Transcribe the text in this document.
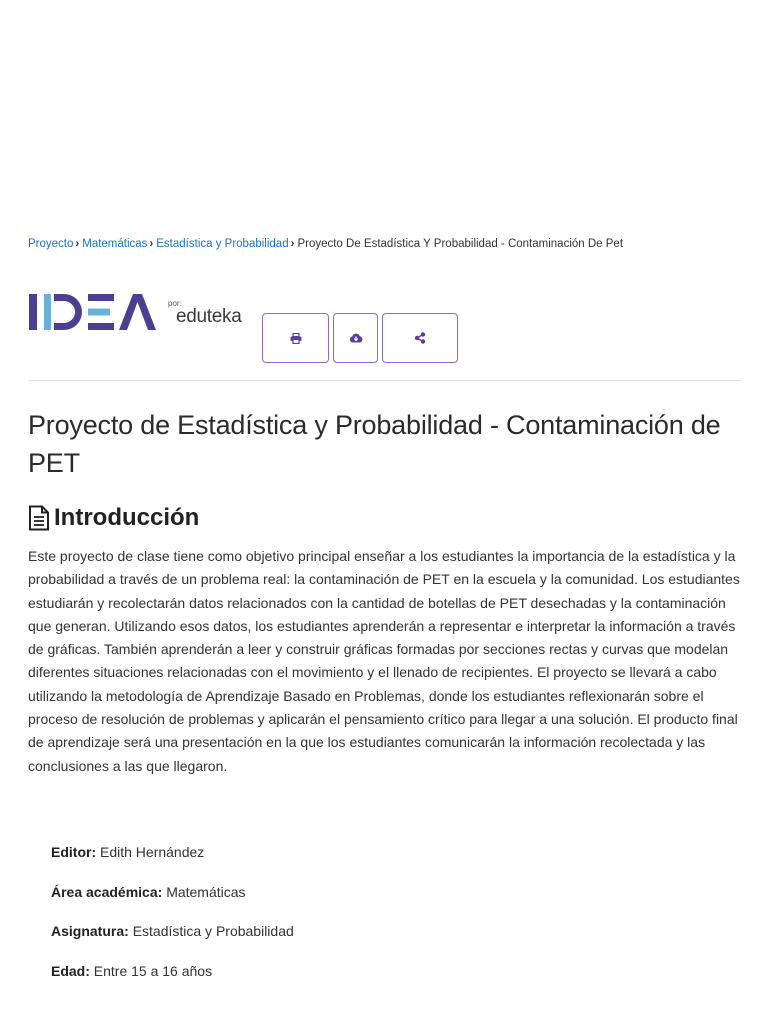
Proyecto › Matemáticas › Estadística y Probabilidad › Proyecto De Estadística Y Probabilidad - Contaminación De Pet
por:
eduteka
Proyecto de Estadística y Probabilidad - Contaminación de PET
Introducción

Este proyecto de clase tiene como objetivo principal enseñar a los estudiantes la importancia de la estadística y la probabilidad a través de un problema real: la contaminación de PET en la escuela y la comunidad. Los estudiantes estudiarán y recolectarán datos relacionados con la cantidad de botellas de PET desechadas y la contaminación que generan. Utilizando esos datos, los estudiantes aprenderán a representar e interpretar la información a través de gráficas. También aprenderán a leer y construir gráficas formadas por secciones rectas y curvas que modelan diferentes situaciones relacionadas con el movimiento y el llenado de recipientes. El proyecto se llevará a cabo utilizando la metodología de Aprendizaje Basado en Problemas, donde los estudiantes reflexionarán sobre el proceso de resolución de problemas y aplicarán el pensamiento crítico para llegar a una solución. El producto final de aprendizaje será una presentación en la que los estudiantes comunicarán la información recolectada y las conclusiones a las que llegaron.

Editor: Edith Hernández
Área académica: Matemáticas
Asignatura: Estadística y Probabilidad
Edad: Entre 15 a 16 años
